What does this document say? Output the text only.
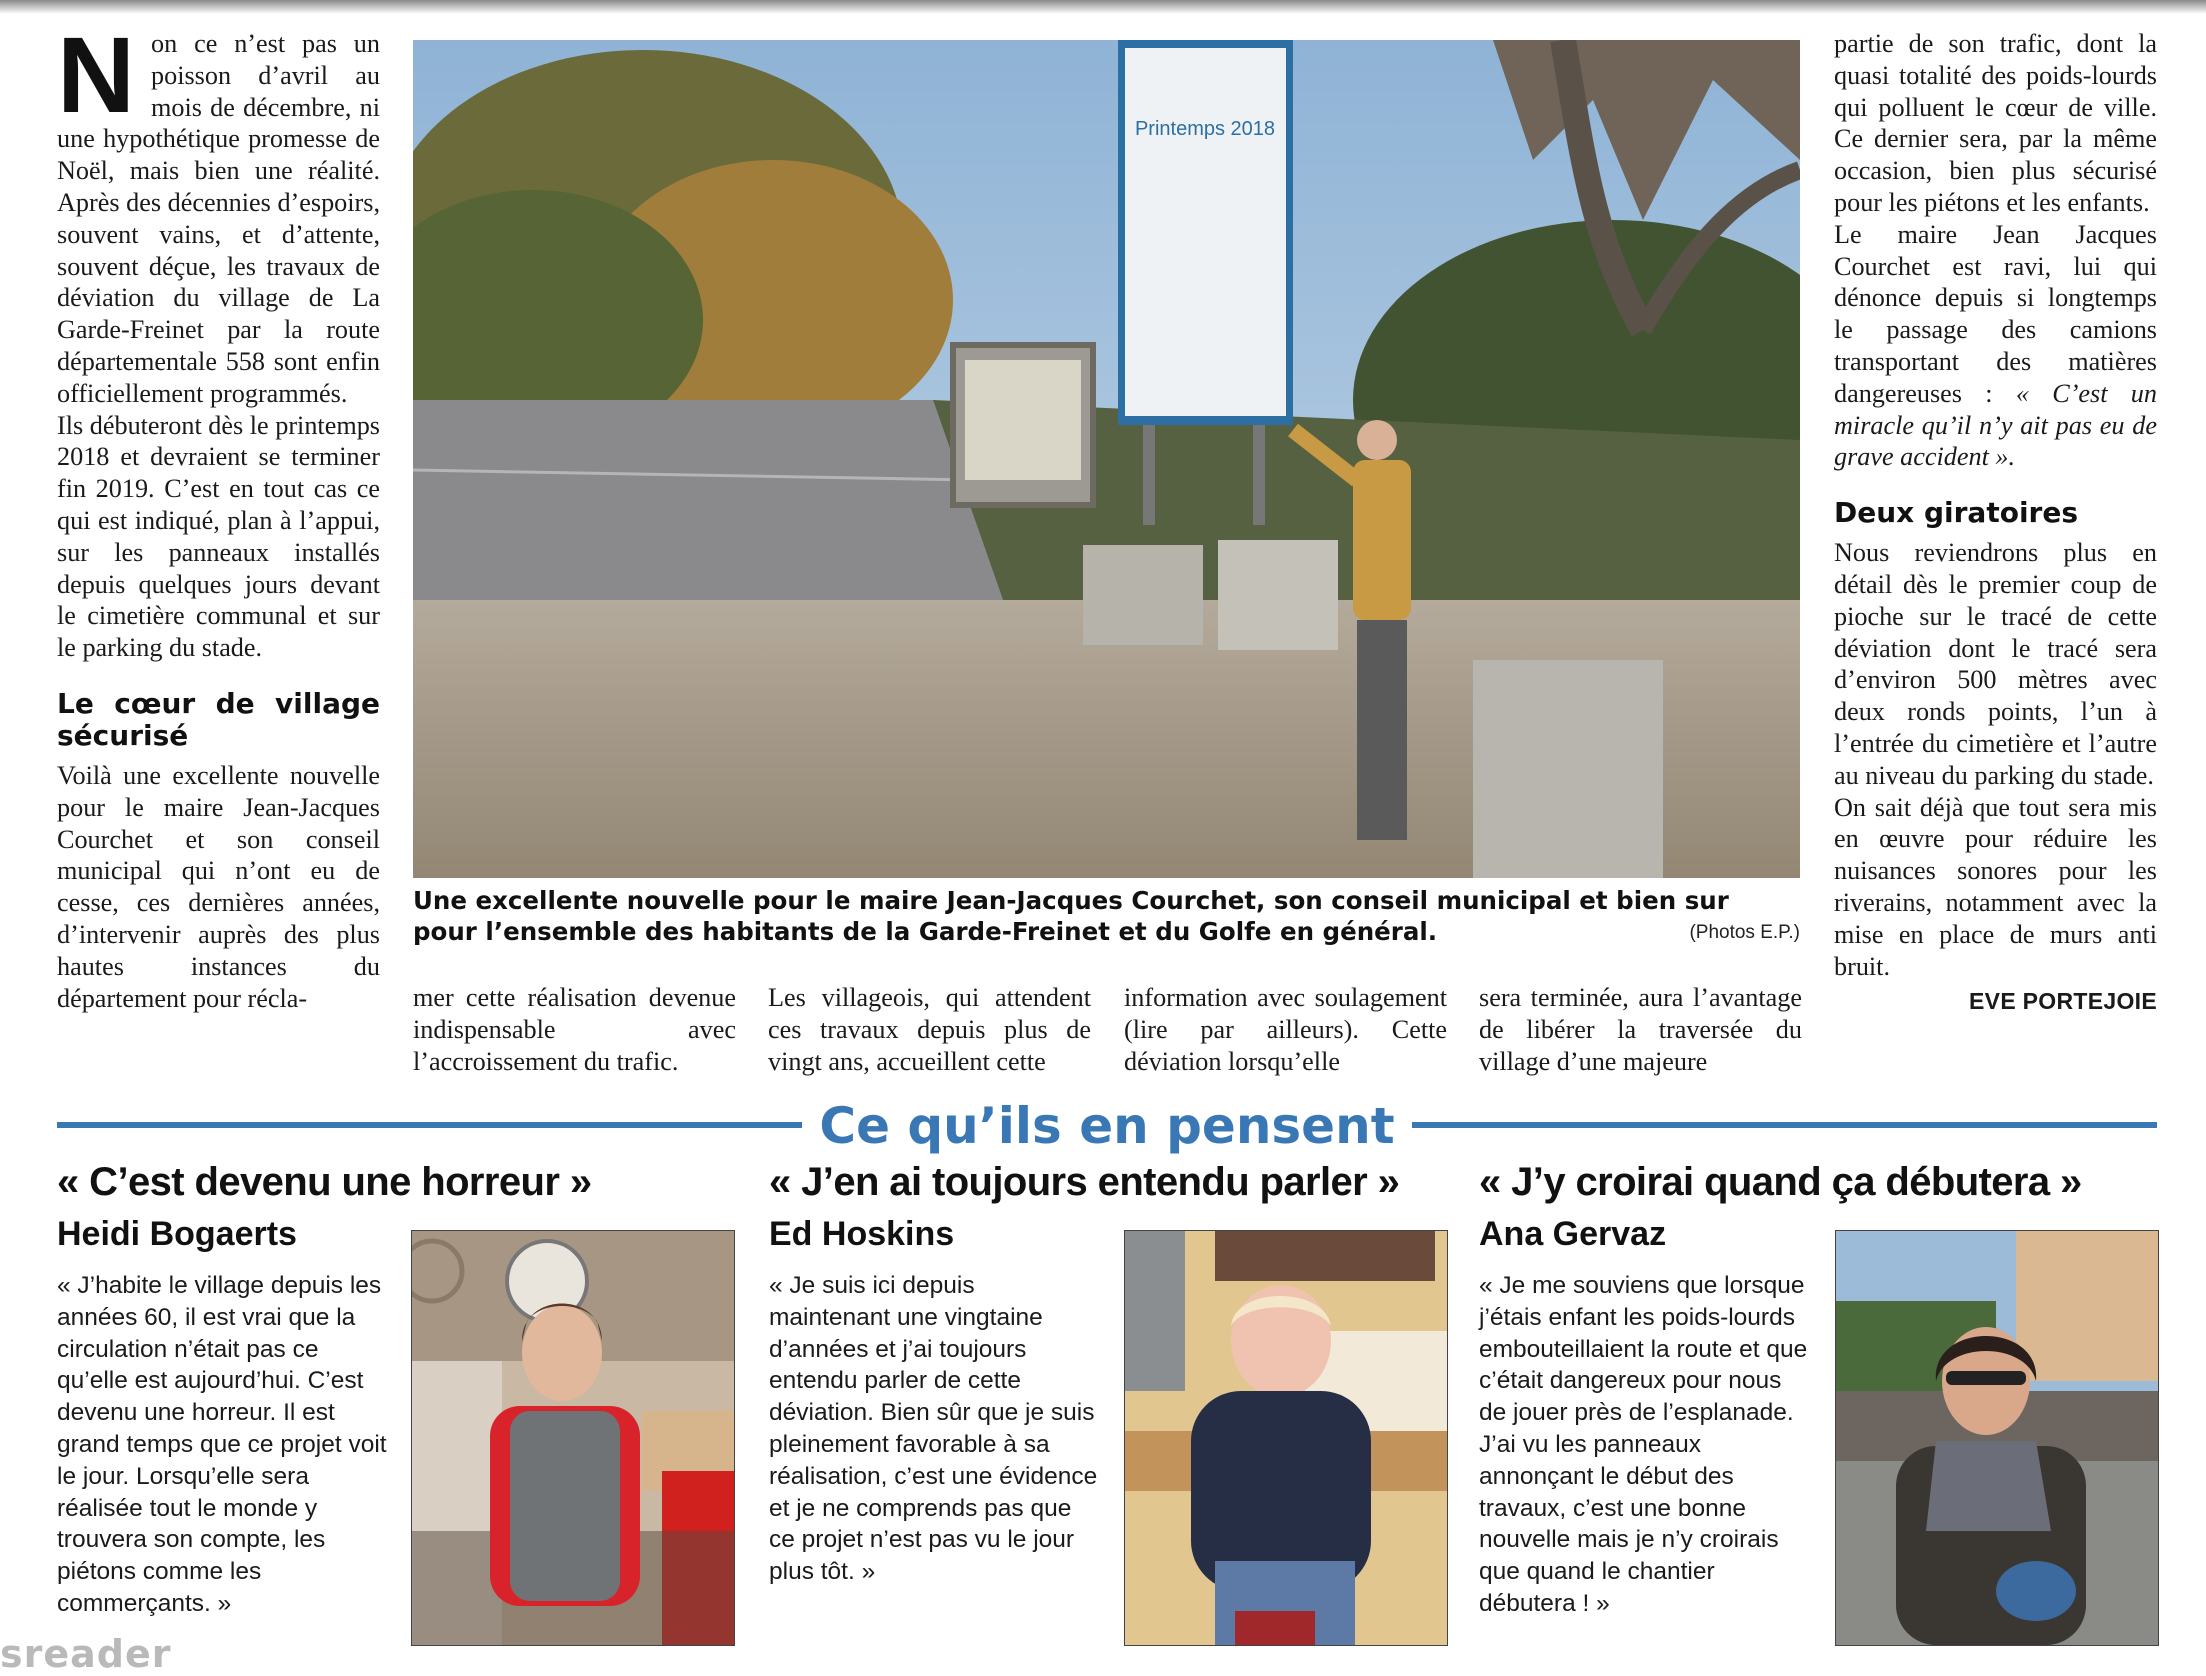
N on ce n’est pas un poisson d’avril au mois de décembre, ni une hypothétique promesse de Noël, mais bien une réalité. Après des décennies d’espoirs, souvent vains, et d’attente, souvent déçue, les travaux de déviation du village de La Garde-Freinet par la route départementale 558 sont enfin officiellement programmés.

Ils débuteront dès le printemps 2018 et devraient se terminer fin 2019. C’est en tout cas ce qui est indiqué, plan à l’appui, sur les panneaux installés depuis quelques jours devant le cimetière communal et sur le parking du stade.

Le cœur de village sécurisé

Voilà une excellente nouvelle pour le maire Jean-Jacques Courchet et son conseil municipal qui n’ont eu de cesse, ces dernières années, d’intervenir auprès des plus hautes instances du département pour récla-

Printemps 2018
Une excellente nouvelle pour le maire Jean-Jacques Courchet, son conseil municipal et bien sur pour l’ensemble des habitants de la Garde-Freinet et du Golfe en général.	(Photos E.P.)
mer cette réalisation devenue indispensable avec l’accroissement du trafic.
Les villageois, qui attendent ces travaux depuis plus de vingt ans, accueillent cette
information avec soulagement (lire par ailleurs). Cette déviation lorsqu’elle
sera terminée, aura l’avantage de libérer la traversée du village d’une majeure

partie de son trafic, dont la quasi totalité des poids-lourds qui polluent le cœur de ville. Ce dernier sera, par la même occasion, bien plus sécurisé pour les piétons et les enfants.

Le maire Jean Jacques Courchet est ravi, lui qui dénonce depuis si longtemps le passage des camions transportant des matières dangereuses : « C’est un miracle qu’il n’y ait pas eu de grave accident ».

Deux giratoires

Nous reviendrons plus en détail dès le premier coup de pioche sur le tracé de cette déviation dont le tracé sera d’environ 500 mètres avec deux ronds points, l’un à l’entrée du cimetière et l’autre au niveau du parking du stade.

On sait déjà que tout sera mis en œuvre pour réduire les nuisances sonores pour les riverains, notamment avec la mise en place de murs anti bruit.

EVE PORTEJOIE
Ce qu’ils en pensent
« C’est devenu une horreur »
Heidi Bogaerts
« J’habite le village depuis les années 60, il est vrai que la circulation n’était pas ce qu’elle est aujourd’hui. C’est devenu une horreur. Il est grand temps que ce projet voit le jour. Lorsqu’elle sera réalisée tout le monde y trouvera son compte, les piétons comme les commerçants. »
« J’en ai toujours entendu parler »
Ed Hoskins
« Je suis ici depuis maintenant une vingtaine d’années et j’ai toujours entendu parler de cette déviation. Bien sûr que je suis pleinement favorable à sa réalisation, c’est une évidence et je ne comprends pas que ce projet n’est pas vu le jour plus tôt. »
« J’y croirai quand ça débutera »
Ana Gervaz
« Je me souviens que lorsque j’étais enfant les poids-lourds embouteillaient la route et que c’était dangereux pour nous de jouer près de l’esplanade. J’ai vu les panneaux annonçant le début des travaux, c’est une bonne nouvelle mais je n’y croirais que quand le chantier débutera ! »
sreader
